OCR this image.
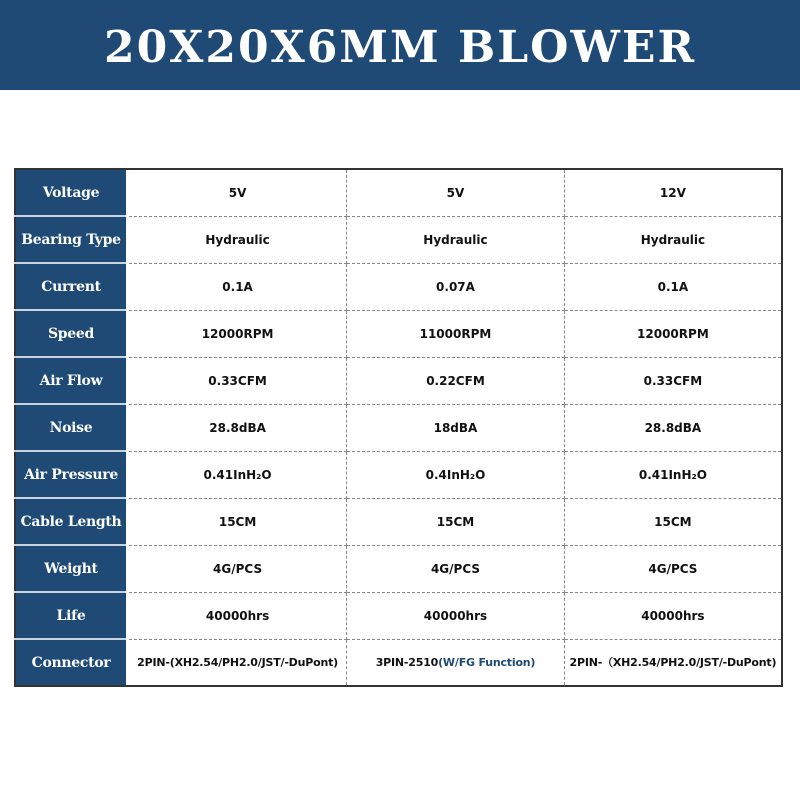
20X20X6MM BLOWER
Voltage		5V	5V	12V
Bearing Type		Hydraulic	Hydraulic	Hydraulic
Current		0.1A	0.07A	0.1A
Speed		12000RPM	11000RPM	12000RPM
Air Flow		0.33CFM	0.22CFM	0.33CFM
Noise		28.8dBA	18dBA	28.8dBA
Air Pressure		0.41InH₂O	0.4InH₂O	0.41InH₂O
Cable Length		15CM	15CM	15CM
Weight		4G/PCS	4G/PCS	4G/PCS
Life		40000hrs	40000hrs	40000hrs
Connector		2PIN-(XH2.54/PH2.0/JST/-DuPont)	3PIN-2510(W/FG Function)	2PIN-（XH2.54/PH2.0/JST/-DuPont)
